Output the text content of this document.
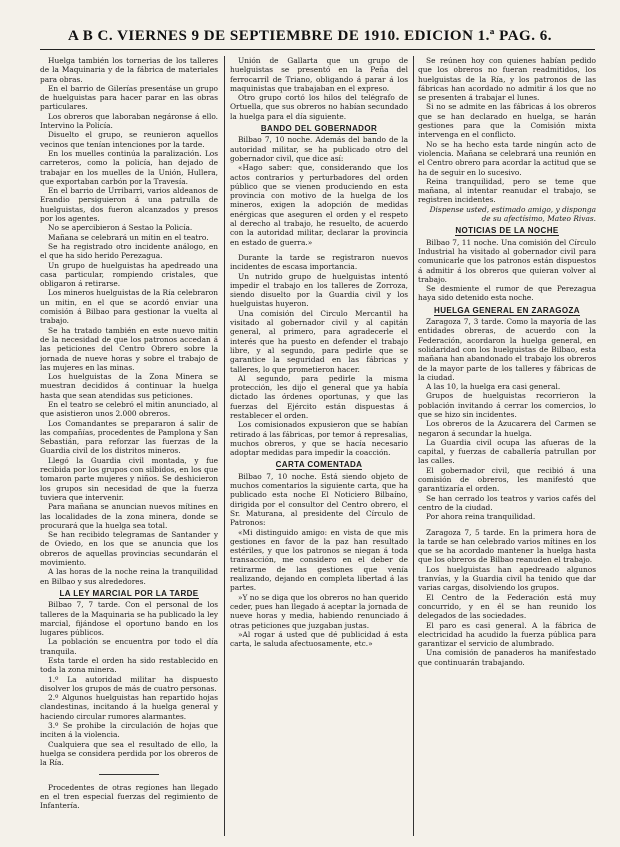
A B C. VIERNES 9 DE SEPTIEMBRE DE 1910. EDICION 1.ª PAG. 6.

Huelga también los tornerias de los talleres de la Maquinaria y de la fábrica de materiales para obras.

En el barrio de Gilerías presentáse un grupo de huelguistas para hacer parar en las obras particulares.

Los obreros que laboraban negáronse á ello. Intervino la Policía.

Disuelto el grupo, se reunieron aquellos vecinos que tenían intenciones por la tarde.

En los muelles continúa la paralización. Los carreteros, como la policía, han dejado de trabajar en los muelles de la Unión, Hullera, que exportaban carbón por la Travesía.

En el barrio de Urribarri, varios aldeanos de Erandio persiguieron á una patrulla de huelguistas, dos fueron alcanzados y presos por los agentes.

No se apercibieron á Sestao la Policía.

Mañana se celebrará un mitin en el teatro.

Se ha registrado otro incidente análogo, en el que ha sido herido Perezagua.

Un grupo de huelguistas ha apedreado una casa particular, rompiendo cristales, que obligaron á retirarse.

Los mineros huelguistas de la Ría celebraron un mitin, en el que se acordó enviar una comisión á Bilbao para gestionar la vuelta al trabajo.

Se ha tratado también en este nuevo mitin de la necesidad de que los patronos accedan á las peticiones del Centro Obrero sobre la jornada de nueve horas y sobre el trabajo de las mujeres en las minas.

Los huelguistas de la Zona Minera se muestran decididos á continuar la huelga hasta que sean atendidas sus peticiones.

En el teatro se celebró el mitin anunciado, al que asistieron unos 2.000 obreros.

Los Comandantes se prepararon á salir de las compañías, procedentes de Pamplona y San Sebastián, para reforzar las fuerzas de la Guardia civil de los distritos mineros.

Llegó la Guardia civil montada, y fue recibida por los grupos con silbidos, en los que tomaron parte mujeres y niños. Se deshicieron los grupos sin necesidad de que la fuerza tuviera que intervenir.

Para mañana se anuncian nuevos mítines en las localidades de la zona minera, donde se procurará que la huelga sea total.

Se han recibido telegramas de Santander y de Oviedo, en los que se anuncia que los obreros de aquellas provincias secundarán el movimiento.

A las horas de la noche reina la tranquilidad en Bilbao y sus alrededores.

LA LEY MARCIAL POR LA TARDE

Bilbao 7, 7 tarde. Con el personal de los talleres de la Maquinaria se ha publicado la ley marcial, fijándose el oportuno bando en los lugares públicos.

La población se encuentra por todo el día tranquila.

Esta tarde el orden ha sido restablecido en toda la zona minera.

1.º La autoridad militar ha dispuesto disolver los grupos de más de cuatro personas.

2.º Algunos huelguistas han repartido hojas clandestinas, incitando á la huelga general y haciendo circular rumores alarmantes.

3.º Se prohibe la circulación de hojas que inciten á la violencia.

Cualquiera que sea el resultado de ello, la huelga se considera perdida por los obreros de la Ría.

Procedentes de otras regiones han llegado en el tren especial fuerzas del regimiento de Infantería.

Unión de Gallarta que un grupo de huelguistas se presentó en la Peña del ferrocarril de Triano, obligando á parar á los maquinistas que trabajaban en el expreso.

Otro grupo cortó los hilos del telégrafo de Ortuella, que sus obreros no habían secundado la huelga para el día siguiente.

BANDO DEL GOBERNADOR

Bilbao 7, 10 noche. Además del bando de la autoridad militar, se ha publicado otro del gobernador civil, que dice así:

«Hago saber: que, considerando que los actos contrarios y perturbadores del orden público que se vienen produciendo en esta provincia con motivo de la huelga de los mineros, exigen la adopción de medidas enérgicas que aseguren el orden y el respeto al derecho al trabajo, he resuelto, de acuerdo con la autoridad militar, declarar la provincia en estado de guerra.»

Durante la tarde se registraron nuevos incidentes de escasa importancia.

Un nutrido grupo de huelguistas intentó impedir el trabajo en los talleres de Zorroza, siendo disuelto por la Guardia civil y los huelguistas huyeron.

Una comisión del Circulo Mercantil ha visitado al gobernador civil y al capitán general, al primero, para agradecerle el interés que ha puesto en defender el trabajo libre, y al segundo, para pedirle que se garantice la seguridad en las fábricas y talleres, lo que prometieron hacer.

Al segundo, para pedirle la misma protección, les dijo el general que ya había dictado las órdenes oportunas, y que las fuerzas del Ejército están dispuestas á restablecer el orden.

Los comisionados expusieron que se habían retirado á las fábricas, por temor á represalias, muchos obreros, y que se hacía necesario adoptar medidas para impedir la coacción.

CARTA COMENTADA

Bilbao 7, 10 noche. Está siendo objeto de muchos comentarios la siguiente carta, que ha publicado esta noche El Noticiero Bilbaíno, dirigida por el consultor del Centro obrero, el Sr. Maturana, al presidente del Círculo de Patronos:

«Mi distinguido amigo: en vista de que mis gestiones en favor de la paz han resultado estériles, y que los patronos se niegan á toda transacción, me considero en el deber de retirarme de las gestiones que venía realizando, dejando en completa libertad á las partes.

»Y no se diga que los obreros no han querido ceder, pues han llegado á aceptar la jornada de nueve horas y media, habiendo renunciado á otras peticiones que juzgaban justas.

»Al rogar á usted que dé publicidad á esta carta, le saluda afectuosamente, etc.»

Se reúnen hoy con quienes habían pedido que los obreros no fueran readmitidos, los huelguistas de la Ría, y los patronos de las fábricas han acordado no admitir á los que no se presenten á trabajar el lunes.

Si no se admite en las fábricas á los obreros que se han declarado en huelga, se harán gestiones para que la Comisión mixta intervenga en el conflicto.

No se ha hecho esta tarde ningún acto de violencia. Mañana se celebrará una reunión en el Centro obrero para acordar la actitud que se ha de seguir en lo sucesivo.

Reina tranquilidad, pero se teme que mañana, al intentar reanudar el trabajo, se registren incidentes.

Dispense usted, estimado amigo, y disponga de su afectísimo, Mateo Rivas.

NOTICIAS DE LA NOCHE

Bilbao 7, 11 noche. Una comisión del Círculo Industrial ha visitado al gobernador civil para comunicarle que los patronos están dispuestos á admitir á los obreros que quieran volver al trabajo.

Se desmiente el rumor de que Perezagua haya sido detenido esta noche.

HUELGA GENERAL EN ZARAGOZA

Zaragoza 7, 3 tarde. Como la mayoría de las entidades obreras, de acuerdo con la Federación, acordaron la huelga general, en solidaridad con los huelguistas de Bilbao, esta mañana han abandonado el trabajo los obreros de la mayor parte de los talleres y fábricas de la ciudad.

A las 10, la huelga era casi general.

Grupos de huelguistas recorrieron la población invitando á cerrar los comercios, lo que se hizo sin incidentes.

Los obreros de la Azucarera del Carmen se negaron á secundar la huelga.

La Guardia civil ocupa las afueras de la capital, y fuerzas de caballería patrullan por las calles.

El gobernador civil, que recibió á una comisión de obreros, les manifestó que garantizaría el orden.

Se han cerrado los teatros y varios cafés del centro de la ciudad.

Por ahora reina tranquilidad.

Zaragoza 7, 5 tarde. En la primera hora de la tarde se han celebrado varios mítines en los que se ha acordado mantener la huelga hasta que los obreros de Bilbao reanuden el trabajo.

Los huelguistas han apedreado algunos tranvías, y la Guardia civil ha tenido que dar varias cargas, disolviendo los grupos.

El Centro de la Federación está muy concurrido, y en él se han reunido los delegados de las sociedades.

El paro es casi general. A la fábrica de electricidad ha acudido la fuerza pública para garantizar el servicio de alumbrado.

Una comisión de panaderos ha manifestado que continuarán trabajando.
